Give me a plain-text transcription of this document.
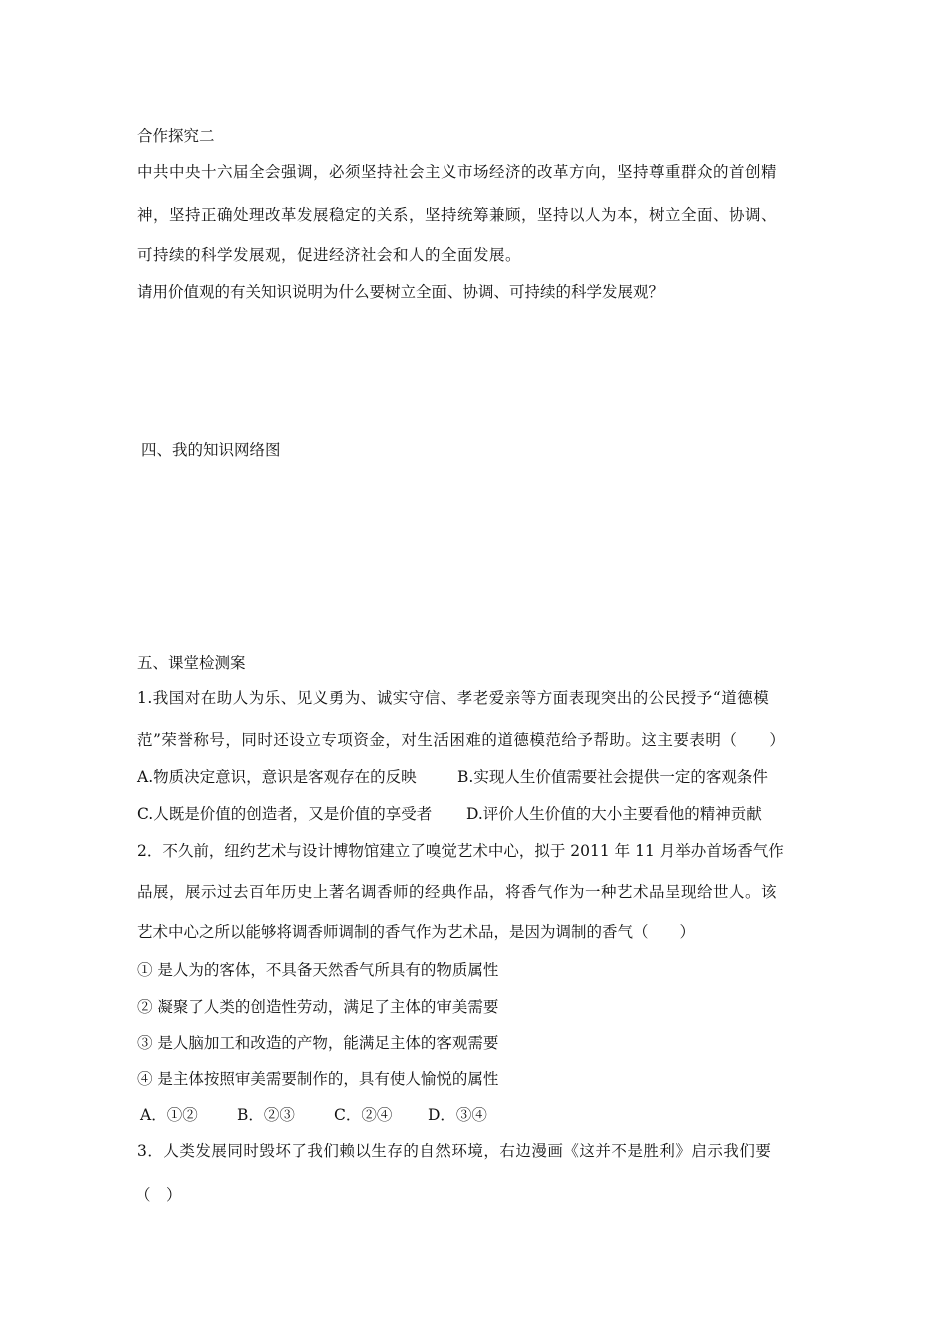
合作探究二
中共中央十六届全会强调，必须坚持社会主义市场经济的改革方向，坚持尊重群众的首创精
神，坚持正确处理改革发展稳定的关系，坚持统筹兼顾，坚持以人为本，树立全面、协调、
可持续的科学发展观，促进经济社会和人的全面发展。
请用价值观的有关知识说明为什么要树立全面、协调、可持续的科学发展观？
四、我的知识网络图
五、课堂检测案
1.我国对在助人为乐、见义勇为、诚实守信、孝老爱亲等方面表现突出的公民授予“道德模
范”荣誉称号，同时还设立专项资金，对生活困难的道德模范给予帮助。这主要表明（　　）
A.物质决定意识，意识是客观存在的反映	B.实现人生价值需要社会提供一定的客观条件
C.人既是价值的创造者，又是价值的享受者 D.评价人生价值的大小主要看他的精神贡献
2．不久前，纽约艺术与设计博物馆建立了嗅觉艺术中心，拟于 2011 年 11 月举办首场香气作
品展，展示过去百年历史上著名调香师的经典作品，将香气作为一种艺术品呈现给世人。该
艺术中心之所以能够将调香师调制的香气作为艺术品，是因为调制的香气（　　）
① 是人为的客体，不具备天然香气所具有的物质属性
② 凝聚了人类的创造性劳动，满足了主体的审美需要
③ 是人脑加工和改造的产物，能满足主体的客观需要
④ 是主体按照审美需要制作的，具有使人愉悦的属性
A．①②	B．②③	C．②④ D．③④
3．人类发展同时毁坏了我们赖以生存的自然环境，右边漫画《这并不是胜利》启示我们要
（　）
